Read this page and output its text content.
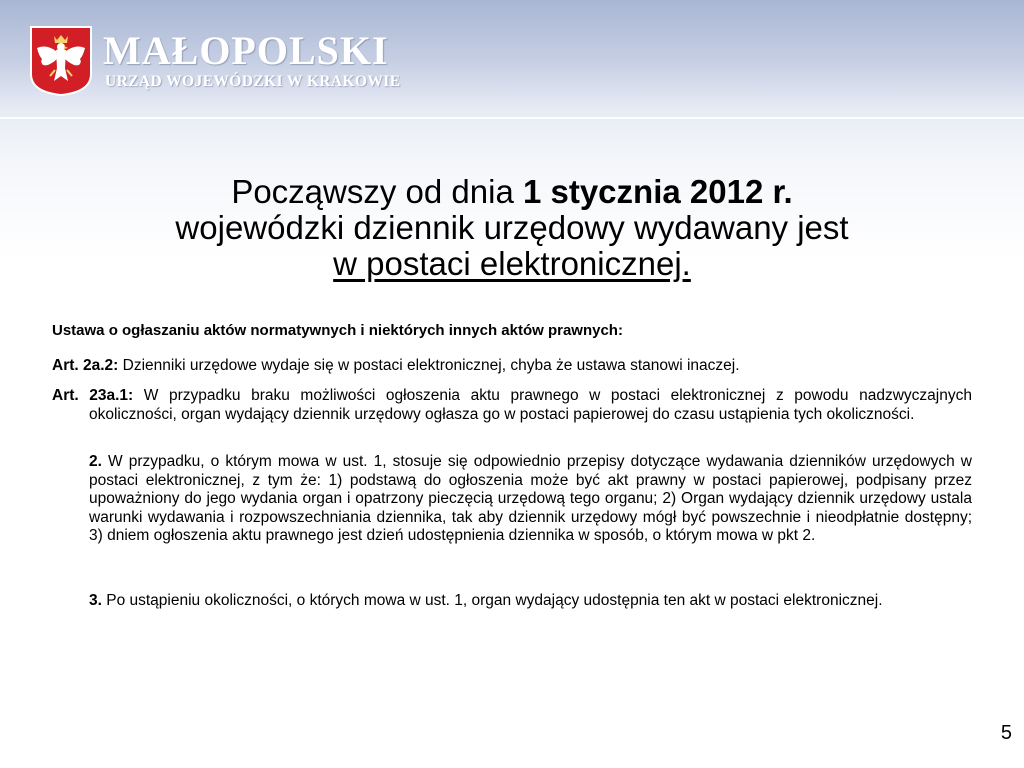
MAŁOPOLSKI
URZĄD WOJEWÓDZKI W KRAKOWIE
Począwszy od dnia 1 stycznia 2012 r.
wojewódzki dziennik urzędowy wydawany jest
w postaci elektronicznej.
Ustawa o ogłaszaniu aktów normatywnych i niektórych innych aktów prawnych:
Art. 2a.2: Dzienniki urzędowe wydaje się w postaci elektronicznej, chyba że ustawa stanowi inaczej.
Art. 23a.1: W przypadku braku możliwości ogłoszenia aktu prawnego w postaci elektronicznej z powodu nadzwyczajnych okoliczności, organ wydający dziennik urzędowy ogłasza go w postaci papierowej do czasu ustąpienia tych okoliczności.
2. W przypadku, o którym mowa w ust. 1, stosuje się odpowiednio przepisy dotyczące wydawania dzienników urzędowych w postaci elektronicznej, z tym że: 1) podstawą do ogłoszenia może być akt prawny w postaci papierowej, podpisany przez upoważniony do jego wydania organ i opatrzony pieczęcią urzędową tego organu; 2) Organ wydający dziennik urzędowy ustala warunki wydawania i rozpowszechniania dziennika, tak aby dziennik urzędowy mógł być powszechnie i nieodpłatnie dostępny; 3) dniem ogłoszenia aktu prawnego jest dzień udostępnienia dziennika w sposób, o którym mowa w pkt 2.
3. Po ustąpieniu okoliczności, o których mowa w ust. 1, organ wydający udostępnia ten akt w postaci elektronicznej.
5
